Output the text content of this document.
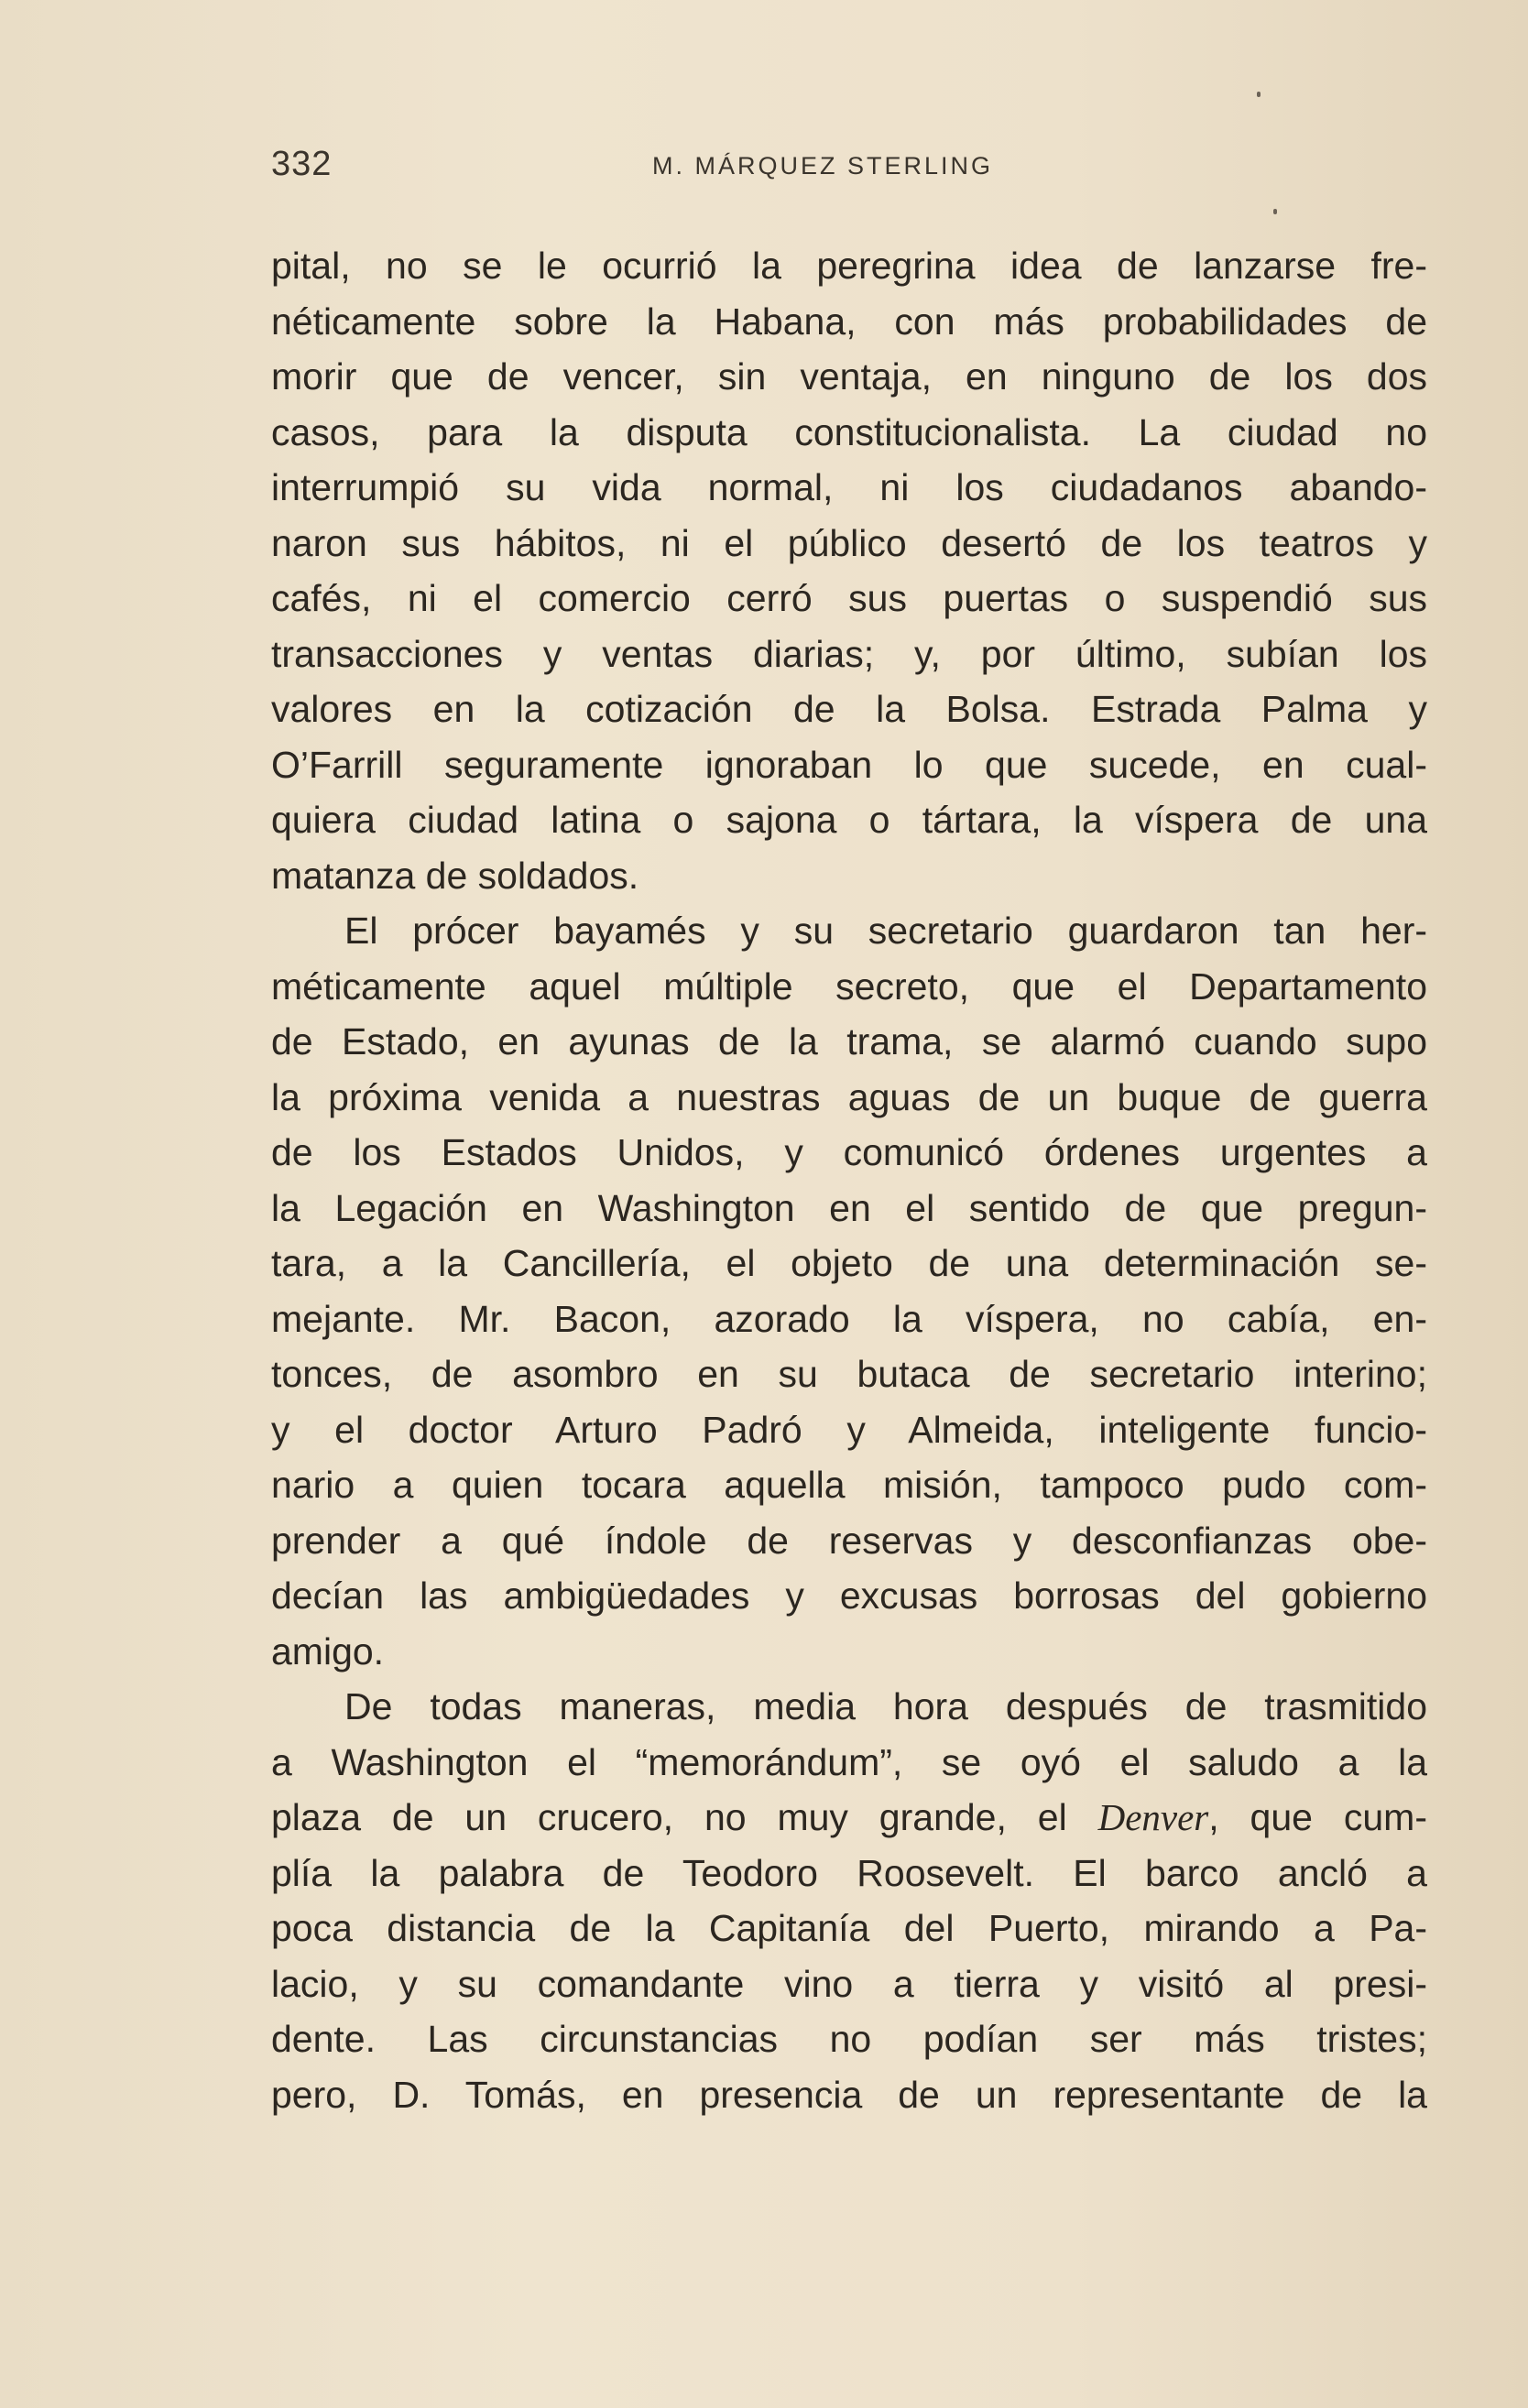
332	M. MÁRQUEZ STERLING
pital, no se le ocurrió la peregrina idea de lanzarse fre-
néticamente sobre la Habana, con más probabilidades de
morir que de vencer, sin ventaja, en ninguno de los dos
casos, para la disputa constitucionalista. La ciudad no
interrumpió su vida normal, ni los ciudadanos abando-
naron sus hábitos, ni el público desertó de los teatros y
cafés, ni el comercio cerró sus puertas o suspendió sus
transacciones y ventas diarias; y, por último, subían los
valores en la cotización de la Bolsa. Estrada Palma y
O’Farrill seguramente ignoraban lo que sucede, en cual-
quiera ciudad latina o sajona o tártara, la víspera de una
matanza de soldados.
El prócer bayamés y su secretario guardaron tan her-
méticamente aquel múltiple secreto, que el Departamento
de Estado, en ayunas de la trama, se alarmó cuando supo
la próxima venida a nuestras aguas de un buque de guerra
de los Estados Unidos, y comunicó órdenes urgentes a
la Legación en Washington en el sentido de que pregun-
tara, a la Cancillería, el objeto de una determinación se-
mejante. Mr. Bacon, azorado la víspera, no cabía, en-
tonces, de asombro en su butaca de secretario interino;
y el doctor Arturo Padró y Almeida, inteligente funcio-
nario a quien tocara aquella misión, tampoco pudo com-
prender a qué índole de reservas y desconfianzas obe-
decían las ambigüedades y excusas borrosas del gobierno
amigo.
De todas maneras, media hora después de trasmitido
a Washington el “memorándum”, se oyó el saludo a la
plaza de un crucero, no muy grande, el Denver, que cum-
plía la palabra de Teodoro Roosevelt. El barco ancló a
poca distancia de la Capitanía del Puerto, mirando a Pa-
lacio, y su comandante vino a tierra y visitó al presi-
dente. Las circunstancias no podían ser más tristes;
pero, D. Tomás, en presencia de un representante de la
